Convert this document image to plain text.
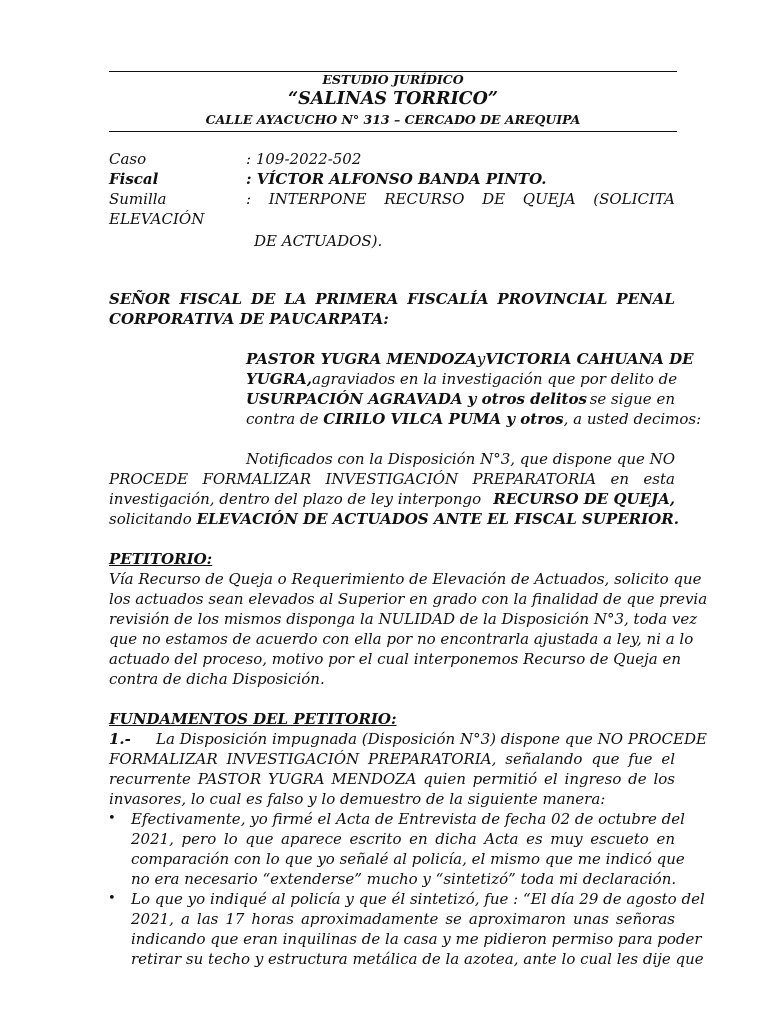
ESTUDIO JURÍDICO
“SALINAS TORRICO”
CALLE AYACUCHO N° 313 – CERCADO DE AREQUIPA
Caso	: 109-2022-502
Fiscal	: VÍCTOR ALFONSO BANDA PINTO.
Sumilla	: INTERPONE RECURSO DE QUEJA (SOLICITA
ELEVACIÓN
DE ACTUADOS).
SEÑOR FISCAL DE LA PRIMERA FISCALÍA PROVINCIAL PENAL
CORPORATIVA DE PAUCARPATA:
PASTOR YUGRA MENDOZA y VICTORIA CAHUANA DE
YUGRA, agraviados en la investigación que por delito de
USURPACIÓN AGRAVADA y otros delitos se sigue en
contra de CIRILO VILCA PUMA y otros, a usted decimos:
Notificados con la Disposición N°3, que dispone que NO
PROCEDE FORMALIZAR INVESTIGACIÓN PREPARATORIA en esta
investigación, dentro del plazo de ley interpongo RECURSO DE QUEJA,
solicitando ELEVACIÓN DE ACTUADOS ANTE EL FISCAL SUPERIOR.
PETITORIO:
Vía Recurso de Queja o Requerimiento de Elevación de Actuados, solicito que
los actuados sean elevados al Superior en grado con la finalidad de que previa
revisión de los mismos disponga la NULIDAD de la Disposición N°3, toda vez
que no estamos de acuerdo con ella por no encontrarla ajustada a ley, ni a lo
actuado del proceso, motivo por el cual interponemos Recurso de Queja en
contra de dicha Disposición.
FUNDAMENTOS DEL PETITORIO:
1.- La Disposición impugnada (Disposición N°3) dispone que NO PROCEDE
FORMALIZAR INVESTIGACIÓN PREPARATORIA, señalando que fue el
recurrente PASTOR YUGRA MENDOZA quien permitió el ingreso de los
invasores, lo cual es falso y lo demuestro de la siguiente manera:
• Efectivamente, yo firmé el Acta de Entrevista de fecha 02 de octubre del
2021, pero lo que aparece escrito en dicha Acta es muy escueto en
comparación con lo que yo señalé al policía, el mismo que me indicó que
no era necesario “extenderse” mucho y “sintetizó” toda mi declaración.
• Lo que yo indiqué al policía y que él sintetizó, fue : “El día 29 de agosto del
2021, a las 17 horas aproximadamente se aproximaron unas señoras
indicando que eran inquilinas de la casa y me pidieron permiso para poder
retirar su techo y estructura metálica de la azotea, ante lo cual les dije que
